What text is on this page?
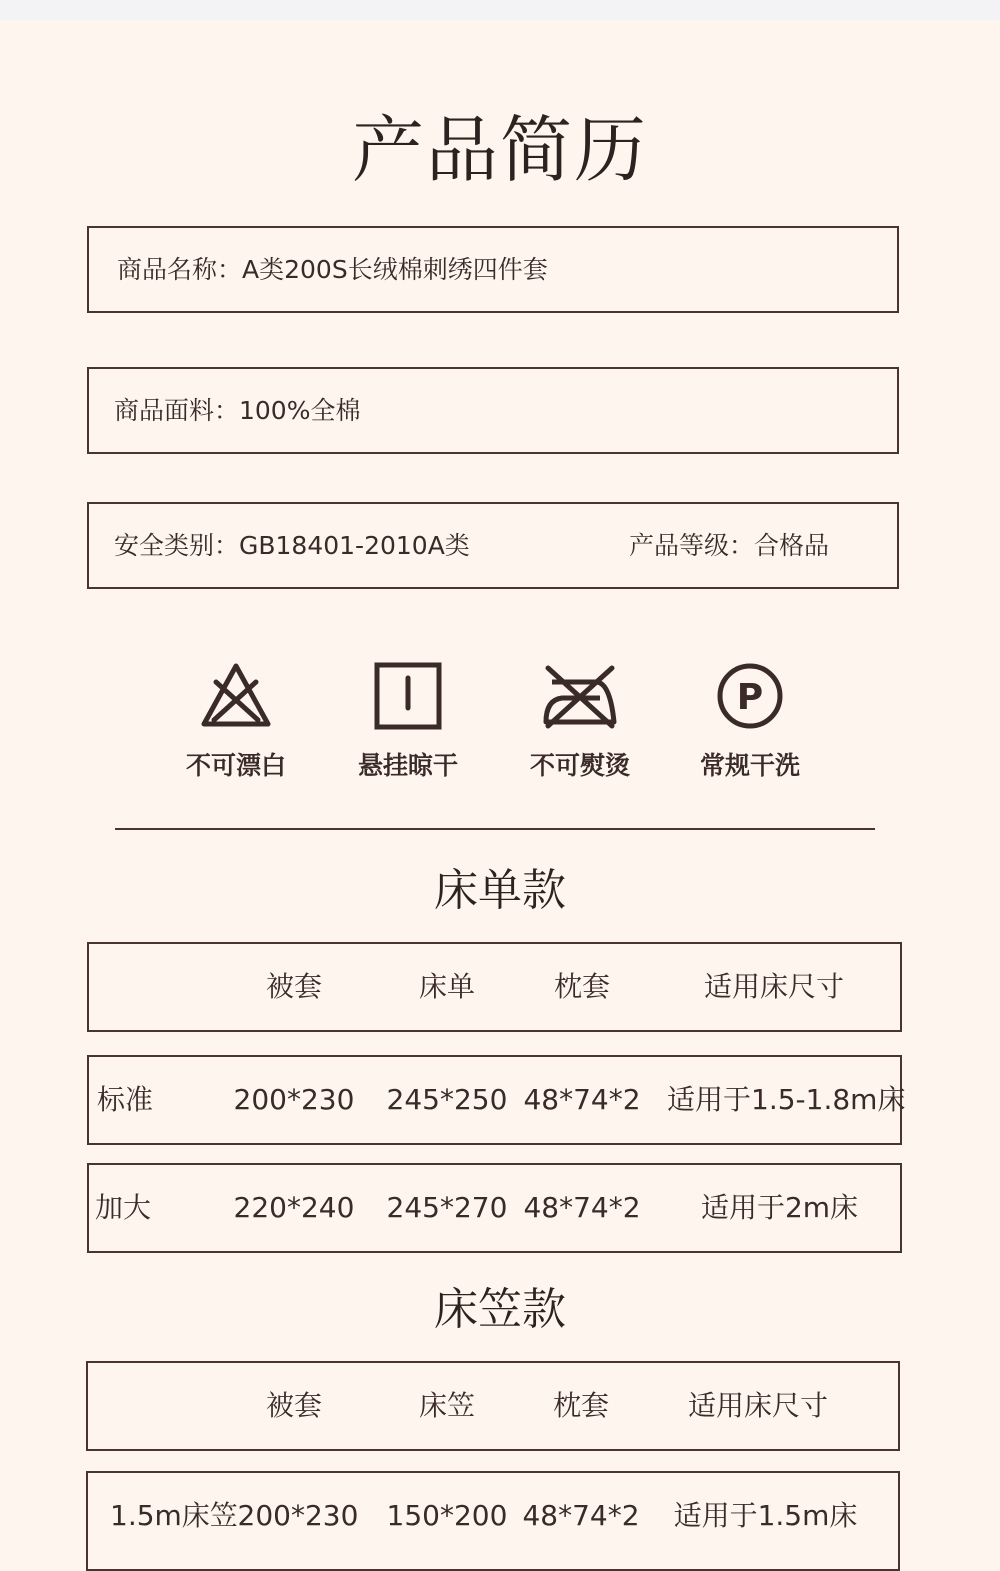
产品简历
商品名称：A类200S长绒棉刺绣四件套
商品面料：100%全棉
安全类别：GB18401-2010A类	产品等级：合格品
不可漂白	悬挂晾干	不可熨烫
P
常规干洗
床单款
被套	床单	枕套	适用床尺寸
标准	200*230 245*250 48*74*2 适用于1.5-1.8m床
加大	220*240 245*270 48*74*2	适用于2m床
床笠款
被套	床笠	枕套	适用床尺寸
1.5m床笠 200*230 150*200 48*74*2	适用于1.5m床
